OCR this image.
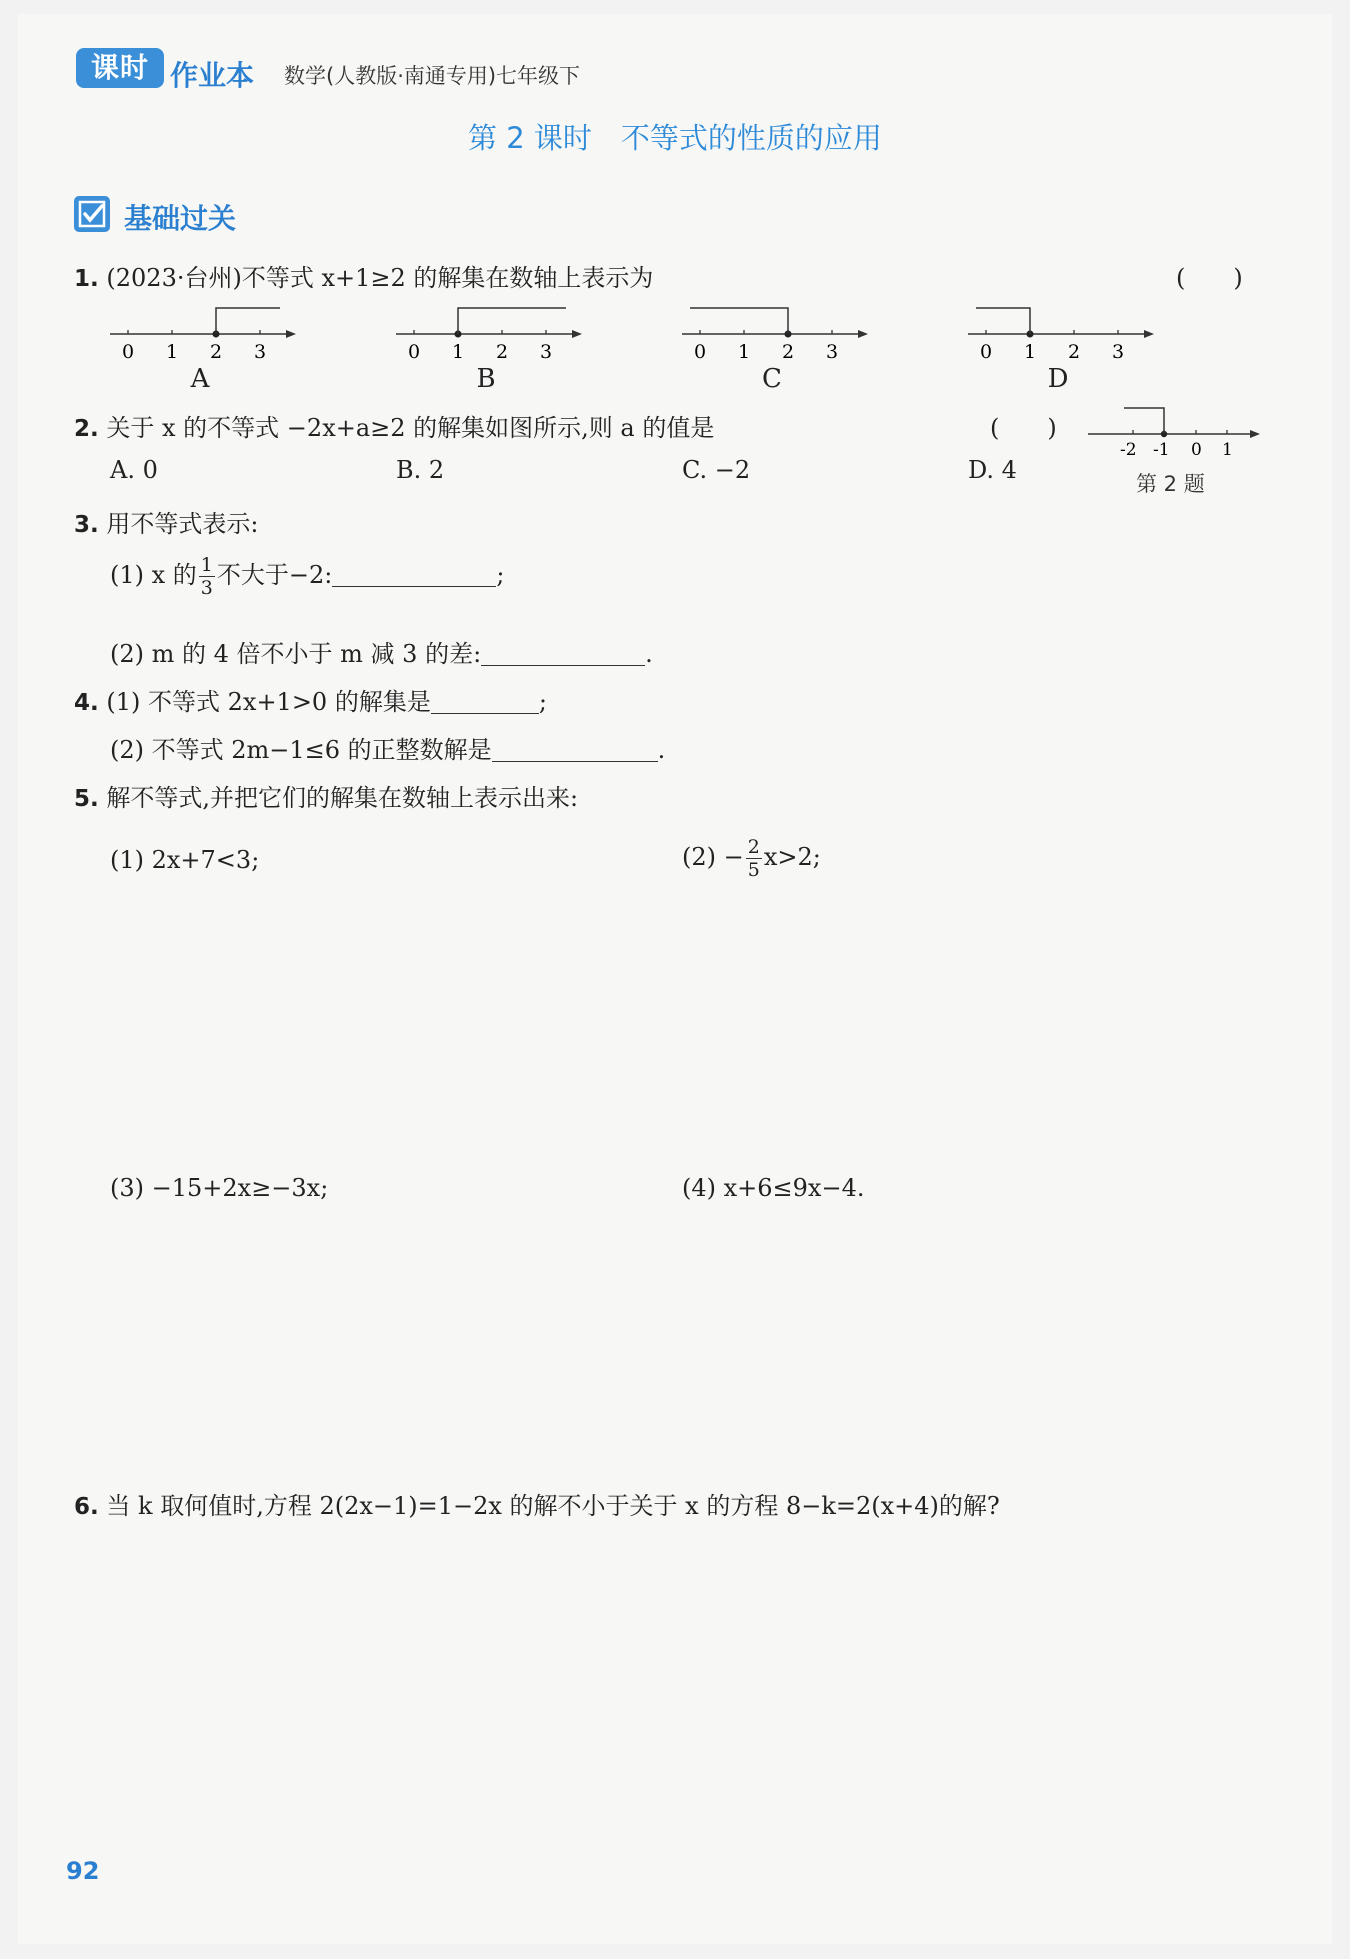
课时 作业本 数学(人教版·南通专用)七年级下
第 2 课时　不等式的性质的应用
基础过关
1. (2023·台州)不等式 x+1≥2 的解集在数轴上表示为	(　　)
0 1 2 3
A
0 1 2 3
B
0 1 2 3
C
0 1 2 3
D
2. 关于 x 的不等式 −2x+a≥2 的解集如图所示,则 a 的值是	(　　)
-2 -1 0 1
第 2 题
A. 0	B. 2	C. −2	D. 4
3. 用不等式表示:
(1) x 的 $\frac{1}{3}$ 不大于−2:	;
(2) m 的 4 倍不小于 m 减 3 的差:	.
4. (1) 不等式 2x+1>0 的解集是	;
(2) 不等式 2m−1≤6 的正整数解是	.
5. 解不等式,并把它们的解集在数轴上表示出来:
(1) 2x+7<3;	$(2) - \frac{2}{5} x>2$;
(3) −15+2x≥−3x;	(4) x+6≤9x−4.
6. 当 k 取何值时,方程 2(2x−1)=1−2x 的解不小于关于 x 的方程 8−k=2(x+4)的解?
92
